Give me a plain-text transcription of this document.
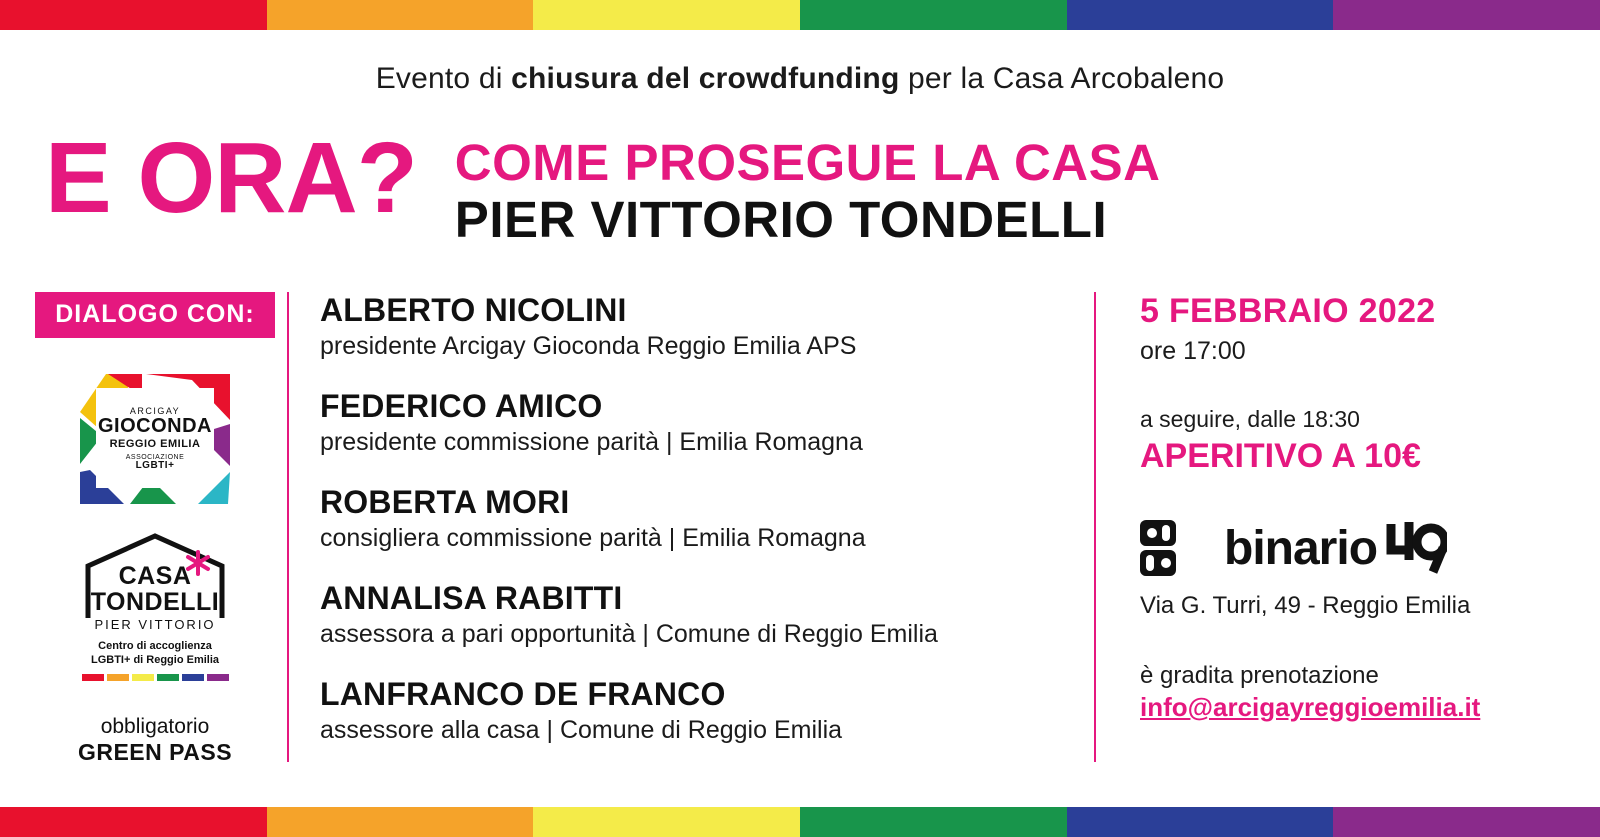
Evento di chiusura del crowdfunding per la Casa Arcobaleno
E ORA? COME PROSEGUE LA CASA
PIER VITTORIO TONDELLI
DIALOGO CON:
ARCIGAY
GIOCONDA
REGGIO EMILIA
ASSOCIAZIONE
LGBTI+
CASA
TONDELLI
PIER VITTORIO
Centro di accoglienza
LGBTI+ di Reggio Emilia
obbligatorio
GREEN PASS
ALBERTO NICOLINI
presidente Arcigay Gioconda Reggio Emilia APS
FEDERICO AMICO
presidente commissione parità | Emilia Romagna
ROBERTA MORI
consigliera commissione parità | Emilia Romagna
ANNALISA RABITTI
assessora a pari opportunità | Comune di Reggio Emilia
LANFRANCO DE FRANCO
assessore alla casa | Comune di Reggio Emilia
5 FEBBRAIO 2022
ore 17:00
a seguire, dalle 18:30
APERITIVO A 10€
binario
Via G. Turri, 49 - Reggio Emilia
è gradita prenotazione
info@arcigayreggioemilia.it
